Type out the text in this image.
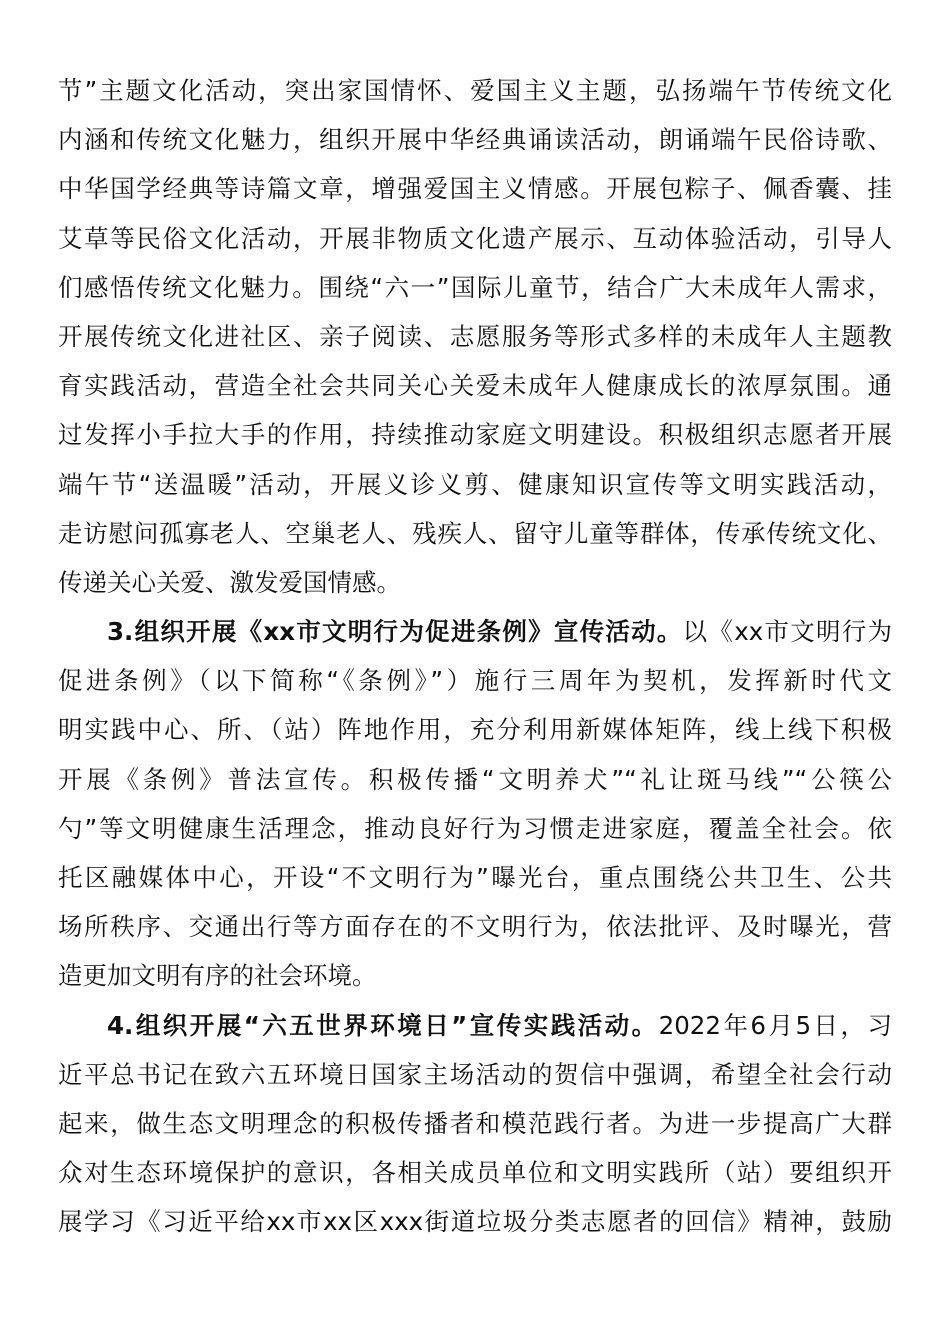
节”主题文化活动，突出家国情怀、爱国主义主题，弘扬端午节传统文化
内涵和传统文化魅力，组织开展中华经典诵读活动，朗诵端午民俗诗歌、
中华国学经典等诗篇文章，增强爱国主义情感。开展包粽子、佩香囊、挂
艾草等民俗文化活动，开展非物质文化遗产展示、互动体验活动，引导人
们感悟传统文化魅力。围绕“六一”国际儿童节，结合广大未成年人需求，
开展传统文化进社区、亲子阅读、志愿服务等形式多样的未成年人主题教
育实践活动，营造全社会共同关心关爱未成年人健康成长的浓厚氛围。通
过发挥小手拉大手的作用，持续推动家庭文明建设。积极组织志愿者开展
端午节“送温暖”活动，开展义诊义剪、健康知识宣传等文明实践活动，
走访慰问孤寡老人、空巢老人、残疾人、留守儿童等群体，传承传统文化、
传递关心关爱、激发爱国情感。
3.组织开展《xx市文明行为促进条例》宣传活动。以《xx市文明行为
促进条例》（以下简称“《条例》”）施行三周年为契机，发挥新时代文
明实践中心、所、（站）阵地作用，充分利用新媒体矩阵，线上线下积极
开展《条例》普法宣传。积极传播“文明养犬”“礼让斑马线”“公筷公
勺”等文明健康生活理念，推动良好行为习惯走进家庭，覆盖全社会。依
托区融媒体中心，开设“不文明行为”曝光台，重点围绕公共卫生、公共
场所秩序、交通出行等方面存在的不文明行为，依法批评、及时曝光，营
造更加文明有序的社会环境。
4.组织开展“六五世界环境日”宣传实践活动。2022年6月5日，习
近平总书记在致六五环境日国家主场活动的贺信中强调，希望全社会行动
起来，做生态文明理念的积极传播者和模范践行者。为进一步提高广大群
众对生态环境保护的意识，各相关成员单位和文明实践所（站）要组织开
展学习《习近平给xx市xx区xxx街道垃圾分类志愿者的回信》精神，鼓励
